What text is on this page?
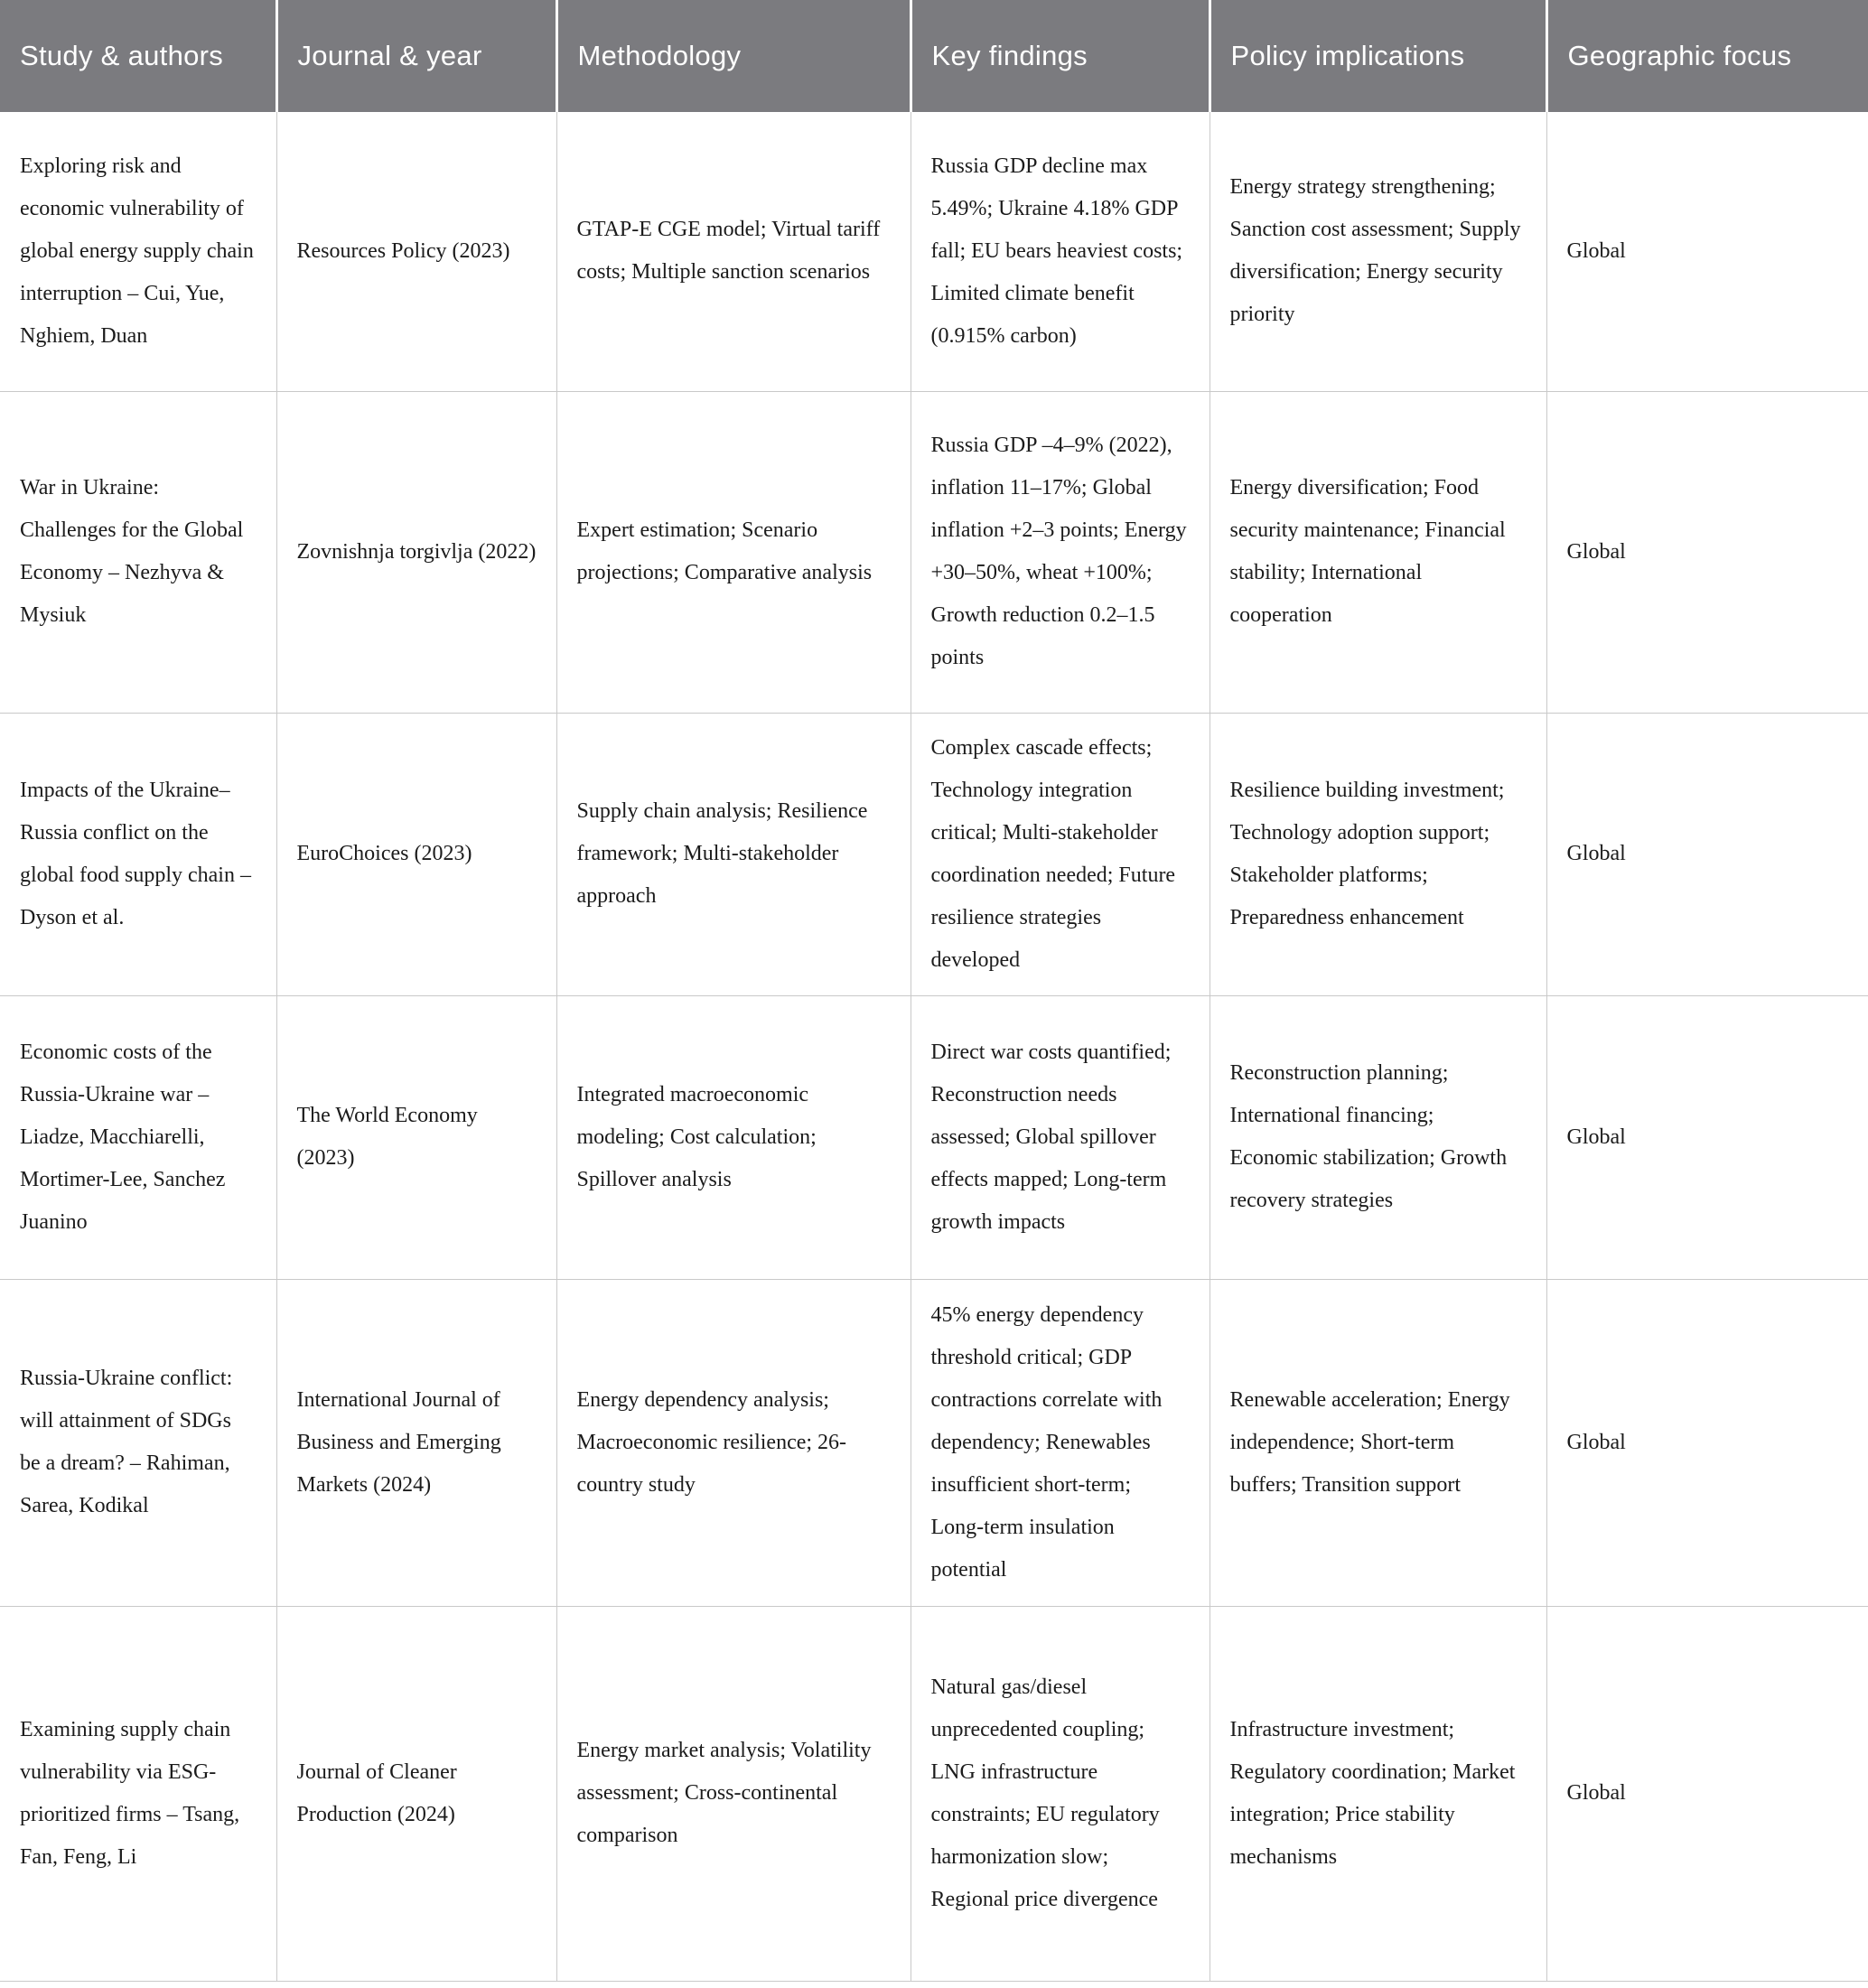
Study & authors	Journal & year	Methodology	Key findings	Policy implications	Geographic focus
Exploring risk and economic vulnerability of global energy supply chain interruption – Cui, Yue, Nghiem, Duan	Resources Policy (2023)	GTAP-E CGE model; Virtual tariff costs; Multiple sanction scenarios	Russia GDP decline max 5.49%; Ukraine 4.18% GDP fall; EU bears heaviest costs; Limited climate benefit (0.915% carbon)	Energy strategy strengthening; Sanction cost assessment; Supply diversification; Energy security priority	Global
War in Ukraine: Challenges for the Global Economy – Nezhyva & Mysiuk	Zovnishnja torgivlja (2022)	Expert estimation; Scenario projections; Comparative analysis	Russia GDP –4–9% (2022), inflation 11–17%; Global inflation +2–3 points; Energy +30–50%, wheat +100%; Growth reduction 0.2–1.5 points	Energy diversification; Food security maintenance; Financial stability; International cooperation	Global
Impacts of the Ukraine–Russia conflict on the global food supply chain – Dyson et al.	EuroChoices (2023)	Supply chain analysis; Resilience framework; Multi-stakeholder approach	Complex cascade effects; Technology integration critical; Multi-stakeholder coordination needed; Future resilience strategies developed	Resilience building investment; Technology adoption support; Stakeholder platforms; Preparedness enhancement	Global
Economic costs of the Russia-Ukraine war – Liadze, Macchiarelli, Mortimer-Lee, Sanchez Juanino	The World Economy (2023)	Integrated macroeconomic modeling; Cost calculation; Spillover analysis	Direct war costs quantified; Reconstruction needs assessed; Global spillover effects mapped; Long-term growth impacts	Reconstruction planning; International financing; Economic stabilization; Growth recovery strategies	Global
Russia-Ukraine conflict: will attainment of SDGs be a dream? – Rahiman, Sarea, Kodikal	International Journal of Business and Emerging Markets (2024)	Energy dependency analysis; Macroeconomic resilience; 26-country study	45% energy dependency threshold critical; GDP contractions correlate with dependency; Renewables insufficient short-term; Long-term insulation potential	Renewable acceleration; Energy independence; Short-term buffers; Transition support	Global
Examining supply chain vulnerability via ESG-prioritized firms – Tsang, Fan, Feng, Li	Journal of Cleaner Production (2024)	Energy market analysis; Volatility assessment; Cross-continental comparison	Natural gas/diesel unprecedented coupling; LNG infrastructure constraints; EU regulatory harmonization slow; Regional price divergence	Infrastructure investment; Regulatory coordination; Market integration; Price stability mechanisms	Global
